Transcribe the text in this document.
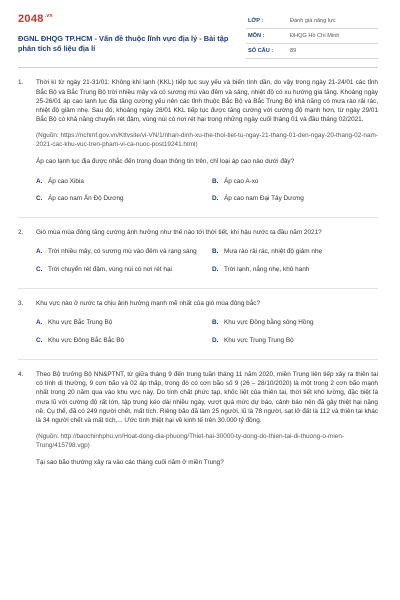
$2048^{.vn}$
ĐGNL ĐHQG TP.HCM - Vấn đề thuộc lĩnh vực địa lý - Bài tập phân tích số liệu địa lí
LỚP :	Đánh giá năng lực
MÔN :	ĐHQG Hồ Chí Minh
SỐ CÂU :	89
1.	Thời kì từ ngày 21-31/01: Không khí lạnh (KKL) tiếp tục suy yếu và biến tính dần, do vậy trong ngày 21-24/01 các tỉnh Bắc Bộ và Bắc Trung Bộ trời nhiều mây và có sương mù vào đêm và sáng, nhiệt độ có xu hướng gia tăng. Khoảng ngày 25-26/01 áp cao lạnh lục địa tăng cường yếu nên các tỉnh thuộc Bắc Bộ và Bắc Trung Bộ khả năng có mưa rào rải rác, nhiệt độ giảm nhẹ. Sau đó, khoảng ngày 28/01 KKL tiếp tục được tăng cường với cường độ mạnh hơn, từ ngày 29/01 Bắc Bộ có khả năng chuyển rét đậm, vùng núi có nơi rét hại trong những ngày cuối tháng 01 và đầu tháng 02/2021.

(Nguồn: https://nchmf.gov.vn/Kttvsite/vi-VN/1/nhan-dinh-xu-the-thoi-tiet-tu-ngay-21-thang-01-den-ngay-20-thang-02-nam-2021-cac-khu-vuc-tren-pham-vi-ca-nuoc-post19241.html)

Áp cao lạnh lục địa được nhắc đến trong đoạn thông tin trên, chỉ loại áp cao nào dưới đây?

A. Áp cao Xibia	B. Áp cao A-xo
C. Áp cao nam Ấn Độ Dương	D. Áp cao nam Đại Tây Dương
2.	Gió mùa mùa đông tăng cường ảnh hưởng như thế nào tới thời tiết, khí hậu nước ta đầu năm 2021?

A. Trời nhiều mây, có sương mù vào đêm và rạng sáng	B. Mưa rào rải rác, nhiệt độ giảm nhẹ
C. Trời chuyển rét đậm, vùng núi có nơi rét hại	D. Trời lạnh, nắng nhẹ, khô hanh
3.	Khu vực nào ở nước ta chịu ảnh hưởng mạnh mẽ nhất của gió mùa đông bắc?

A. Khu vực Bắc Trung Bộ	B. Khu vực Đồng bằng sông Hồng
C. Khu vực Đông Bắc Bắc Bộ	D. Khu vực Trung Trung Bộ
4.	Theo Bộ trưởng Bộ NN&PTNT, từ giữa tháng 9 đến trung tuần tháng 11 năm 2020, miền Trung liên tiếp xảy ra thiên tai có tính dị thường, 9 cơn bão và 02 áp thấp, trong đó có cơn bão số 9 (26 – 28/10/2020) là một trong 2 cơn bão mạnh nhất trong 20 năm qua vào khu vực này. Do tính chất phức tạp, khốc liệt của thiên tai, thời tiết khó lường, đặc biệt là mưa lũ với cường độ rất lớn, tập trung kéo dài nhiều ngày, vượt quá mức dự báo, cảnh báo nên đã gây thiệt hại nặng nề. Cụ thể, đã có 249 người chết, mất tích. Riêng bão đã làm 25 người, lũ là 78 người, sạt lở đất là 112 và thiên tai khác là 34 người chết và mất tích,... Ước tính thiệt hại về kinh tế trên 30.000 tỷ đồng.

(Nguồn: http://baochinhphu.vn/Hoat-dong-dia-phuong/Thiet-hai-30000-ty-dong-do-thien-tai-di-thuong-o-mien-Trung/415798.vgp)

Tại sao bão thường xảy ra vào các tháng cuối năm ở miền Trung?
